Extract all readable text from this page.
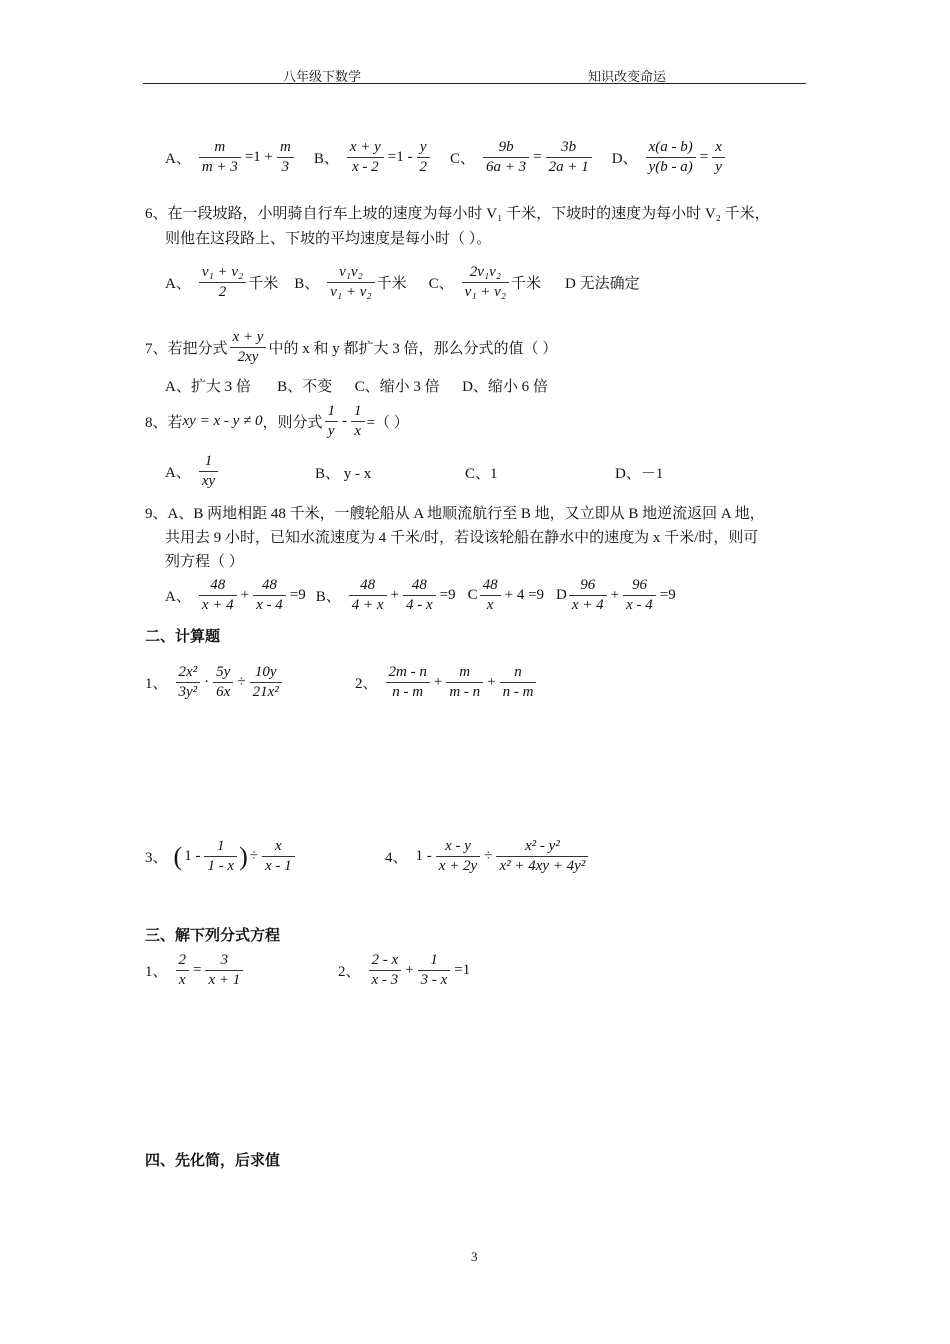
八年级下数学	知识改变命运
A、 $\frac{m}{m + 3} =1 + \frac{m}{3}$ B、 $\frac{x + y}{x - 2} =1$ -
y
2 C、 $\frac{9b}{6a + 3} = \frac{3b}{2a + 1}$ D、 $\frac{x(a - b)}{y(b - a)} = \frac{x}{y}$
6、在一段坡路，小明骑自行车上坡的速度为每小时 V₁ 千米，下坡时的速度为每小时 V₂ 千米，
则他在这段路上、下坡的平均速度是每小时（ ）。
A、
v₁ + v₂
2	千米 B、
v₁v₂
v₁ + v₂ 千米 C、
2v₁v₂
v₁ + v₂ 千米 D 无法确定
7、若把分式
x + y
2xy 中的 x 和 y 都扩大 3 倍，那么分式的值（ ）
A、扩大 3 倍       B、不变      C、缩小 3 倍      D、缩小 6 倍
8、若 xy = x - y ≠ 0 ，则分式
1
y
- $\frac{1}{x}$ =（ ）
A、
1
xy	B、 y - x	C、1	D、－1
9、A、B 两地相距 48 千米，一艘轮船从 A 地顺流航行至 B 地，又立即从 B 地逆流返回 A 地，
共用去 9 小时，已知水流速度为 4 千米/时，若设该轮船在静水中的速度为 x 千米/时，则可
列方程（ ）
A、
48
x + 4
+ $\frac{48}{x - 4} =9$ B、
48
4 + x
+ $\frac{48}{4 - x} =9$ C
48
x
+ 4 =9 D
96
x + 4
+ $\frac{96}{x - 4} =9$
二、计算题
1、
2x²
3y²
· $\frac{5y}{6x} \div \frac{10y}{\text{21x²}}$	2、
2m - n
n - m
+ $\frac{m}{m - n} + \frac{n}{n - m}$
3、 ( 1 -
1
1 - x ) ÷ $\frac{x}{x - 1}$	4、 $1 - \frac{x - y}{x + 2y} \div \frac{\text{x² - y²}}{\text{x² + 4xy + 4y²}}$
三、解下列分式方程
1、 $\frac{2}{x} = \frac{3}{x + 1}$	2、
2 - x
x - 3
+ $\frac{1}{3 - x} =1$
四、先化简，后求值
3
